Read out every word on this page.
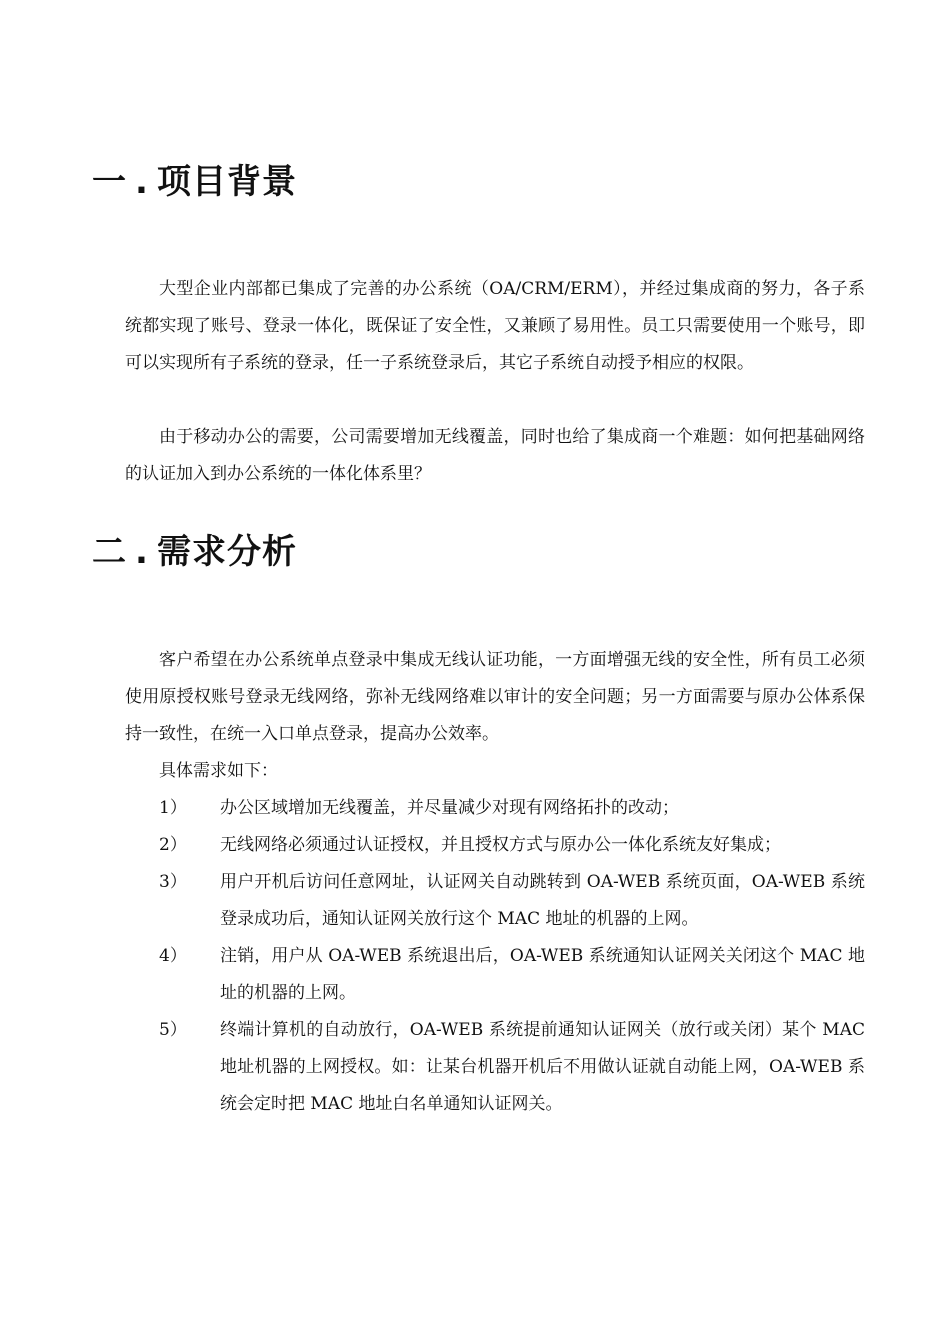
一 . 项目背景

大型企业内部都已集成了完善的办公系统（OA/CRM/ERM），并经过集成商的努力，各子系统都实现了账号、登录一体化，既保证了安全性，又兼顾了易用性。员工只需要使用一个账号，即可以实现所有子系统的登录，任一子系统登录后，其它子系统自动授予相应的权限。

由于移动办公的需要，公司需要增加无线覆盖，同时也给了集成商一个难题：如何把基础网络的认证加入到办公系统的一体化体系里？

二 . 需求分析

客户希望在办公系统单点登录中集成无线认证功能，一方面增强无线的安全性，所有员工必须使用原授权账号登录无线网络，弥补无线网络难以审计的安全问题；另一方面需要与原办公体系保持一致性，在统一入口单点登录，提高办公效率。

具体需求如下：

1）	办公区域增加无线覆盖，并尽量减少对现有网络拓扑的改动；
2）	无线网络必须通过认证授权，并且授权方式与原办公一体化系统友好集成；
3）	用户开机后访问任意网址，认证网关自动跳转到 OA-WEB 系统页面，OA-WEB 系统登录成功后，通知认证网关放行这个 MAC 地址的机器的上网。
4）	注销，用户从 OA-WEB 系统退出后，OA-WEB 系统通知认证网关关闭这个 MAC 地址的机器的上网。
5）	终端计算机的自动放行，OA-WEB 系统提前通知认证网关（放行或关闭）某个 MAC 地址机器的上网授权。如：让某台机器开机后不用做认证就自动能上网，OA-WEB 系统会定时把 MAC 地址白名单通知认证网关。
